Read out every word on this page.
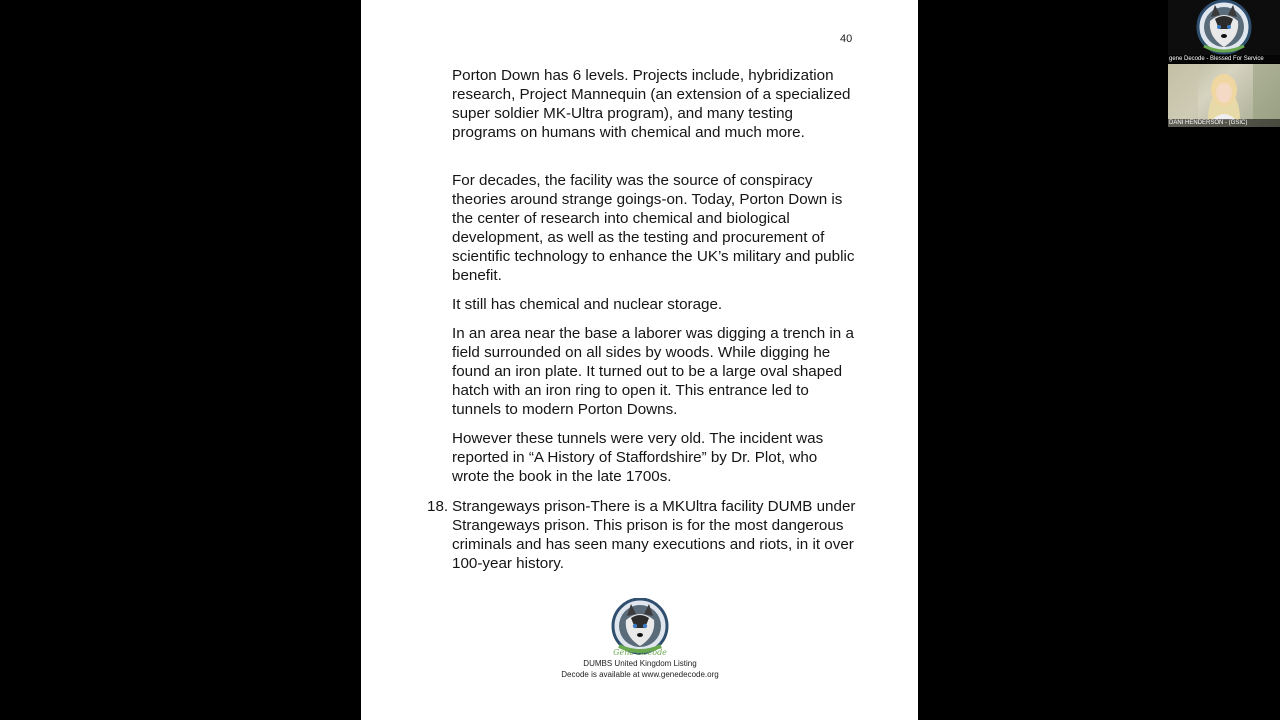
40

Porton Down has 6 levels. Projects include, hybridization research, Project Mannequin (an extension of a specialized super soldier MK-Ultra program), and many testing programs on humans with chemical and much more.

For decades, the facility was the source of conspiracy theories around strange goings-on. Today, Porton Down is the center of research into chemical and biological development, as well as the testing and procurement of scientific technology to enhance the UK’s military and public benefit.

It still has chemical and nuclear storage.

In an area near the base a laborer was digging a trench in a field surrounded on all sides by woods. While digging he found an iron plate. It turned out to be a large oval shaped hatch with an iron ring to open it. This entrance led to tunnels to modern Porton Downs.

However these tunnels were very old. The incident was reported in “A History of Staffordshire” by Dr. Plot, who wrote the book in the late 1700s.

18. Strangeways prison-There is a MKUltra facility DUMB under Strangeways prison. This prison is for the most dangerous criminals and has seen many executions and riots, in it over 100-year history.
Gene Decode
DUMBS United Kingdom Listing
Decode is available at www.genedecode.org
gene Decode - Blessed For Service
DANI HENDERSON - (GSIC)
